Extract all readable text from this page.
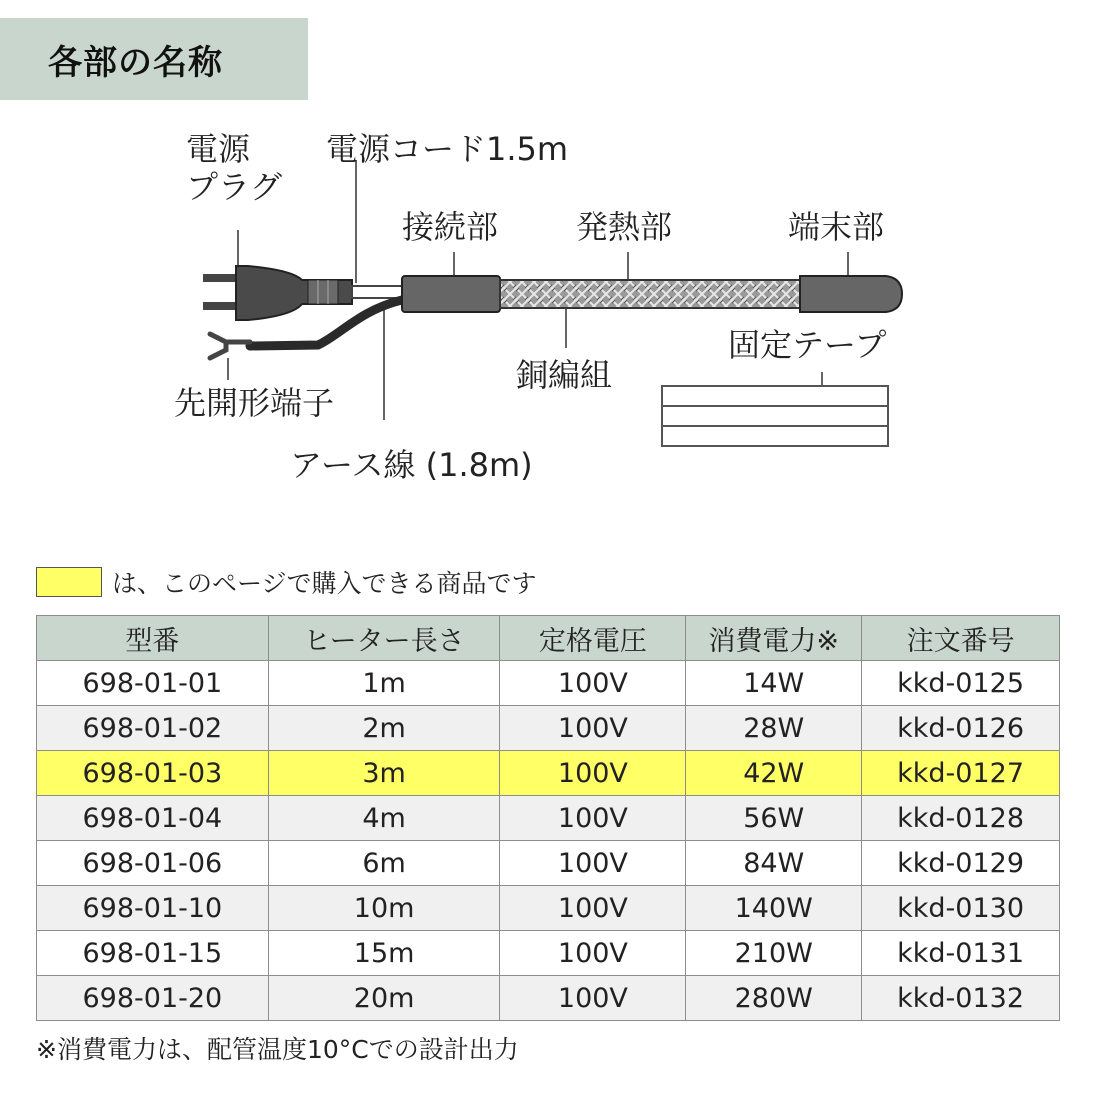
各部の名称
電源
プラグ
電源コード1.5m
接続部 発熱部	端末部
固定テープ
銅編組
先開形端子
アース線 (1.8m)
は、このページで購入できる商品です
型番	ヒーター長さ	定格電圧	消費電力※	注文番号
698-01-01	1m	100V	14W	kkd-0125
698-01-02	2m	100V	28W	kkd-0126
698-01-03	3m	100V	42W	kkd-0127
698-01-04	4m	100V	56W	kkd-0128
698-01-06	6m	100V	84W	kkd-0129
698-01-10	10m	100V	140W	kkd-0130
698-01-15	15m	100V	210W	kkd-0131
698-01-20	20m	100V	280W	kkd-0132
※消費電力は、配管温度10°Cでの設計出力
